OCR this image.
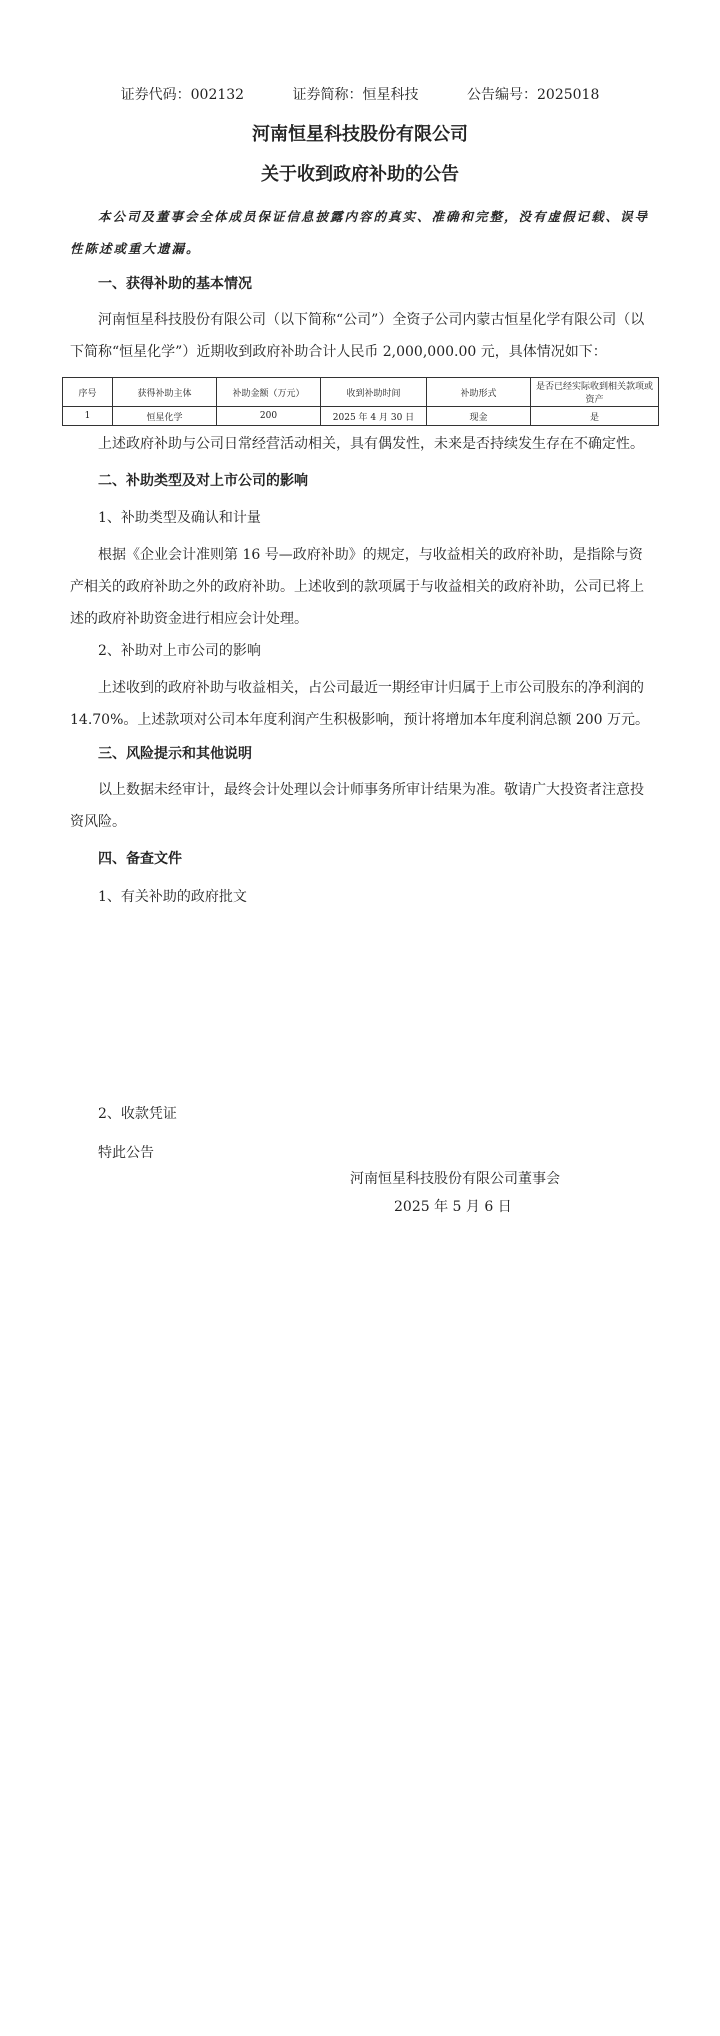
证券代码：002132	证券简称：恒星科技	公告编号：2025018
河南恒星科技股份有限公司
关于收到政府补助的公告
本公司及董事会全体成员保证信息披露内容的真实、准确和完整，没有虚假记载、误导性陈述或重大遗漏。
一、获得补助的基本情况
河南恒星科技股份有限公司（以下简称“公司”）全资子公司内蒙古恒星化学有限公司（以下简称“恒星化学”）近期收到政府补助合计人民币 2,000,000.00 元，具体情况如下：
序号	获得补助主体	补助金额（万元）	收到补助时间	补助形式	是否已经实际收到相关款项或资产
1	恒星化学	200	2025 年 4 月 30 日	现金	是
上述政府补助与公司日常经营活动相关，具有偶发性，未来是否持续发生存在不确定性。
二、补助类型及对上市公司的影响
1、补助类型及确认和计量
根据《企业会计准则第 16 号—政府补助》的规定，与收益相关的政府补助，是指除与资产相关的政府补助之外的政府补助。上述收到的款项属于与收益相关的政府补助，公司已将上述的政府补助资金进行相应会计处理。
2、补助对上市公司的影响
上述收到的政府补助与收益相关，占公司最近一期经审计归属于上市公司股东的净利润的 14.70%。上述款项对公司本年度利润产生积极影响，预计将增加本年度利润总额 200 万元。
三、风险提示和其他说明
以上数据未经审计，最终会计处理以会计师事务所审计结果为准。敬请广大投资者注意投资风险。
四、备查文件
1、有关补助的政府批文
2、收款凭证
特此公告
河南恒星科技股份有限公司董事会
2025 年 5 月 6 日
